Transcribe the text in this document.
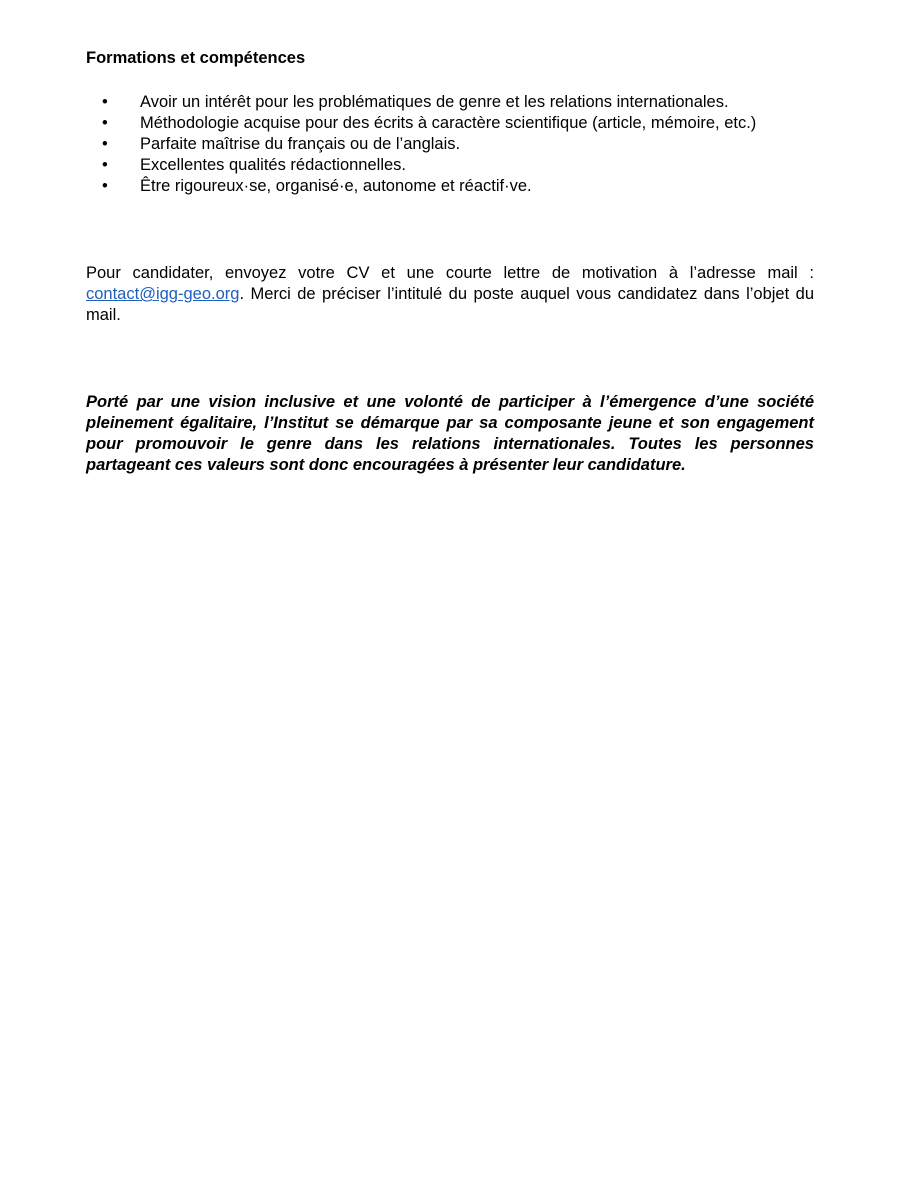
Formations et compétences
• Avoir un intérêt pour les problématiques de genre et les relations internationales.
• Méthodologie acquise pour des écrits à caractère scientifique (article, mémoire, etc.)
• Parfaite maîtrise du français ou de l’anglais.
• Excellentes qualités rédactionnelles.
• Être rigoureux·se, organisé·e, autonome et réactif·ve.

Pour candidater, envoyez votre CV et une courte lettre de motivation à l’adresse mail : contact@igg-geo.org. Merci de préciser l’intitulé du poste auquel vous candidatez dans l’objet du mail.

Porté par une vision inclusive et une volonté de participer à l’émergence d’une société pleinement égalitaire, l’Institut se démarque par sa composante jeune et son engagement pour promouvoir le genre dans les relations internationales. Toutes les personnes partageant ces valeurs sont donc encouragées à présenter leur candidature.
